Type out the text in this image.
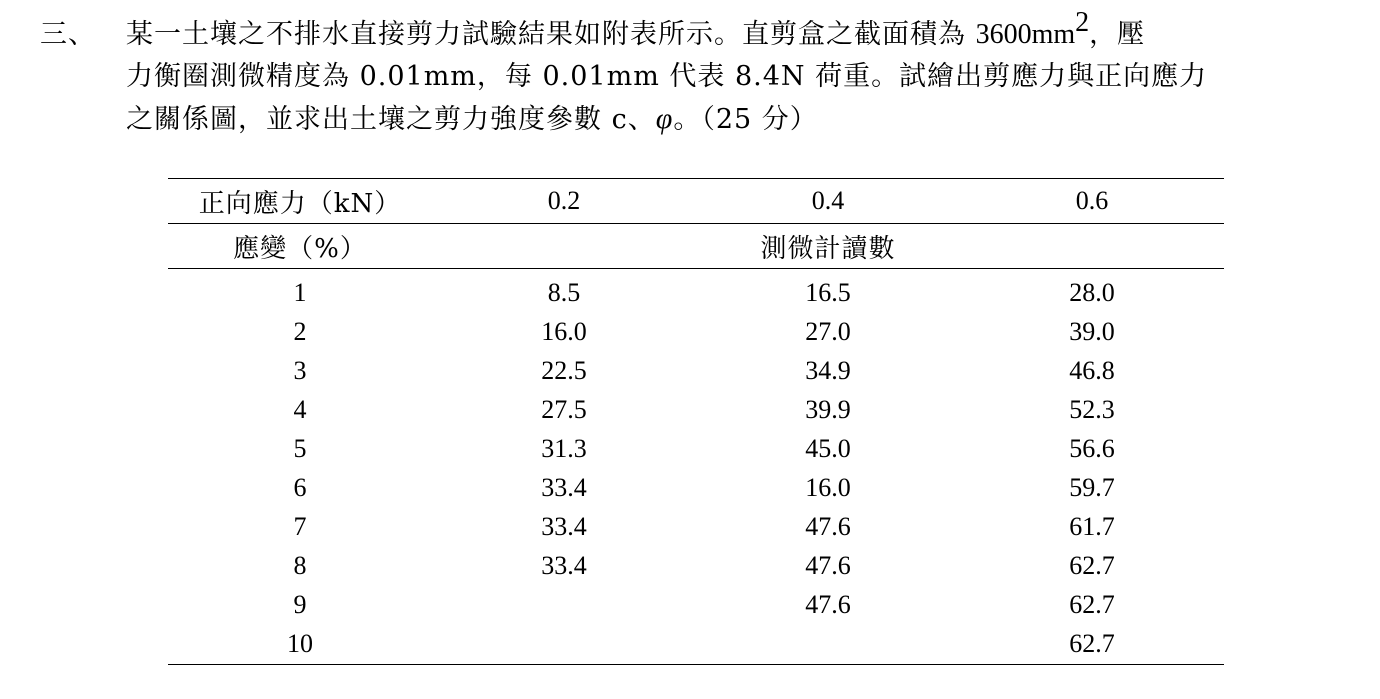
三、 某一土壤之不排水直接剪力試驗結果如附表所示。直剪盒之截面積為 $3600mm^2$，壓
力衡圈測微精度為 0.01mm，每 0.01mm 代表 8.4N 荷重。試繪出剪應力與正向應力
之關係圖，並求出土壤之剪力強度參數 c、φ。（25 分）
正向應力（kN）	0.2	0.4	0.6
應變（%）	測微計讀數		
1	8.5	16.5	28.0
2	16.0	27.0	39.0
3	22.5	34.9	46.8
4	27.5	39.9	52.3
5	31.3	45.0	56.6
6	33.4	16.0	59.7
7	33.4	47.6	61.7
8	33.4	47.6	62.7
9		47.6	62.7
10			62.7
